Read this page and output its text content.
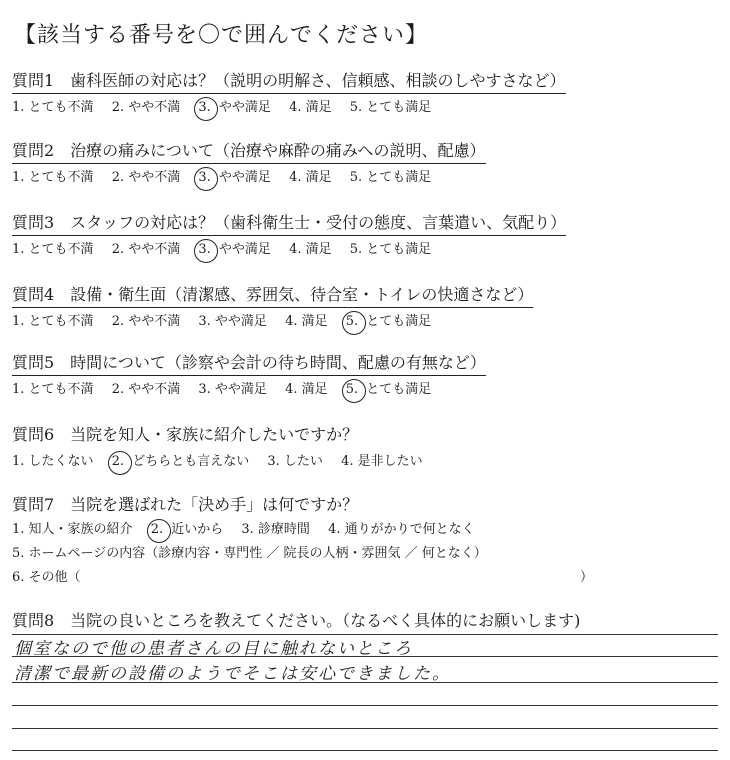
【該当する番号を〇で囲んでください】
質問1　歯科医師の対応は？（説明の明解さ、信頼感、相談のしやすさなど）
1. とても不満 2. やや不満 3. やや満足 4. 満足 5. とても満足
質問2　治療の痛みについて（治療や麻酔の痛みへの説明、配慮）
1. とても不満 2. やや不満 3. やや満足 4. 満足 5. とても満足
質問3　スタッフの対応は？（歯科衛生士・受付の態度、言葉遣い、気配り）
1. とても不満 2. やや不満 3. やや満足 4. 満足 5. とても満足
質問4　設備・衛生面（清潔感、雰囲気、待合室・トイレの快適さなど）
1. とても不満 2. やや不満 3. やや満足 4. 満足 5. とても満足
質問5　時間について（診察や会計の待ち時間、配慮の有無など）
1. とても不満 2. やや不満 3. やや満足 4. 満足 5. とても満足
質問6　当院を知人・家族に紹介したいですか？
1. したくない 2. どちらとも言えない 3. したい 4. 是非したい
質問7　当院を選ばれた「決め手」は何ですか？
1. 知人・家族の紹介 2. 近いから 3. 診療時間 4. 通りがかりで何となく
5. ホームページの内容（診療内容・専門性 ／ 院長の人柄・雰囲気 ／ 何となく）
6. その他（	）
質問8　当院の良いところを教えてください。（なるべく具体的にお願いします)
個室なので他の患者さんの目に触れないところ
清潔で最新の設備のようでそこは安心できました。
